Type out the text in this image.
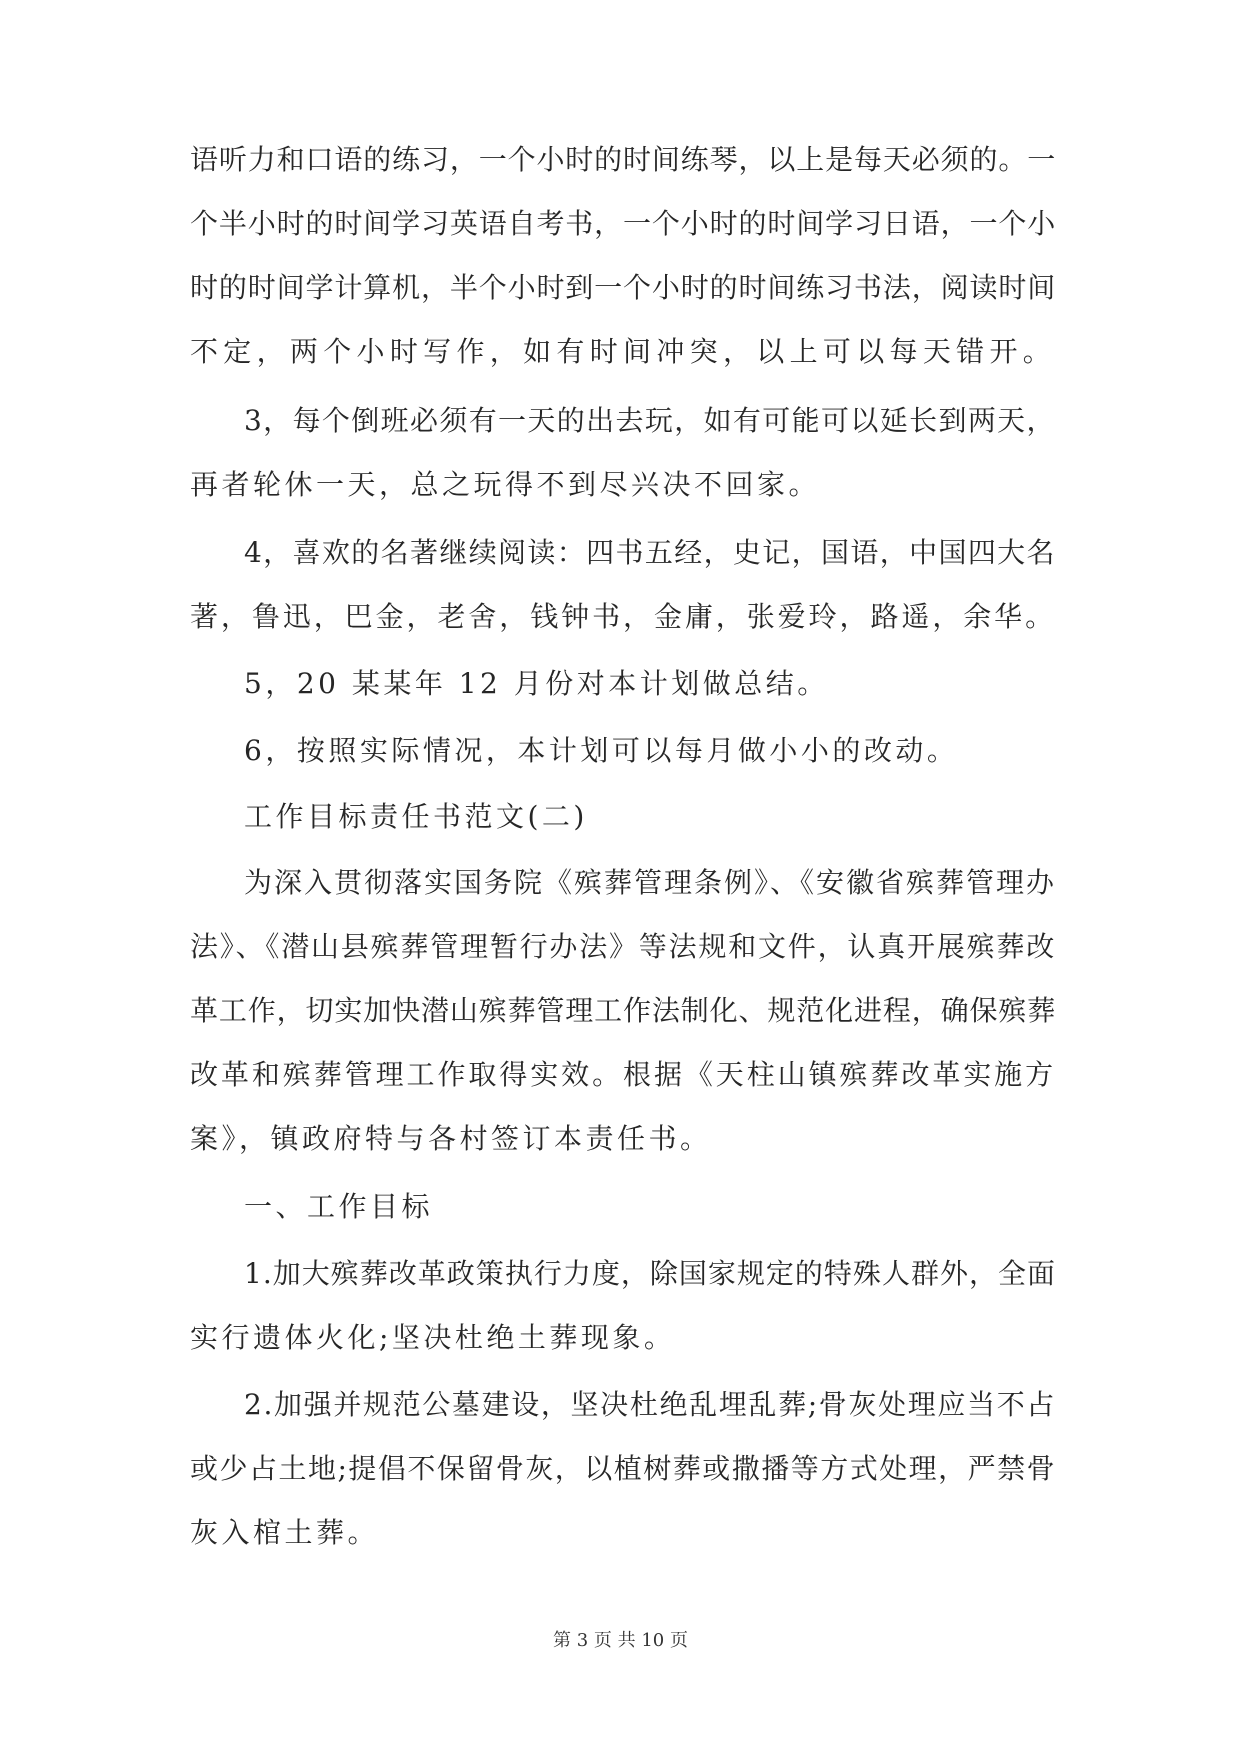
语听力和口语的练习，一个小时的时间练琴，以上是每天必须的。一

个半小时的时间学习英语自考书，一个小时的时间学习日语，一个小

时的时间学计算机，半个小时到一个小时的时间练习书法，阅读时间

不定，两个小时写作，如有时间冲突，以上可以每天错开。

3，每个倒班必须有一天的出去玩，如有可能可以延长到两天，

再者轮休一天，总之玩得不到尽兴决不回家。

4，喜欢的名著继续阅读：四书五经，史记，国语，中国四大名

著，鲁迅，巴金，老舍，钱钟书，金庸，张爱玲，路遥，余华。

5，20 某某年 12 月份对本计划做总结。

6，按照实际情况，本计划可以每月做小小的改动。

工作目标责任书范文(二)

为深入贯彻落实国务院《殡葬管理条例》、《安徽省殡葬管理办

法》、《潜山县殡葬管理暂行办法》等法规和文件，认真开展殡葬改

革工作，切实加快潜山殡葬管理工作法制化、规范化进程，确保殡葬

改革和殡葬管理工作取得实效。根据《天柱山镇殡葬改革实施方

案》，镇政府特与各村签订本责任书。

一、工作目标

1.加大殡葬改革政策执行力度，除国家规定的特殊人群外，全面

实行遗体火化;坚决杜绝土葬现象。

2.加强并规范公墓建设，坚决杜绝乱埋乱葬;骨灰处理应当不占

或少占土地;提倡不保留骨灰，以植树葬或撒播等方式处理，严禁骨

灰入棺土葬。

第 3 页 共 10 页
